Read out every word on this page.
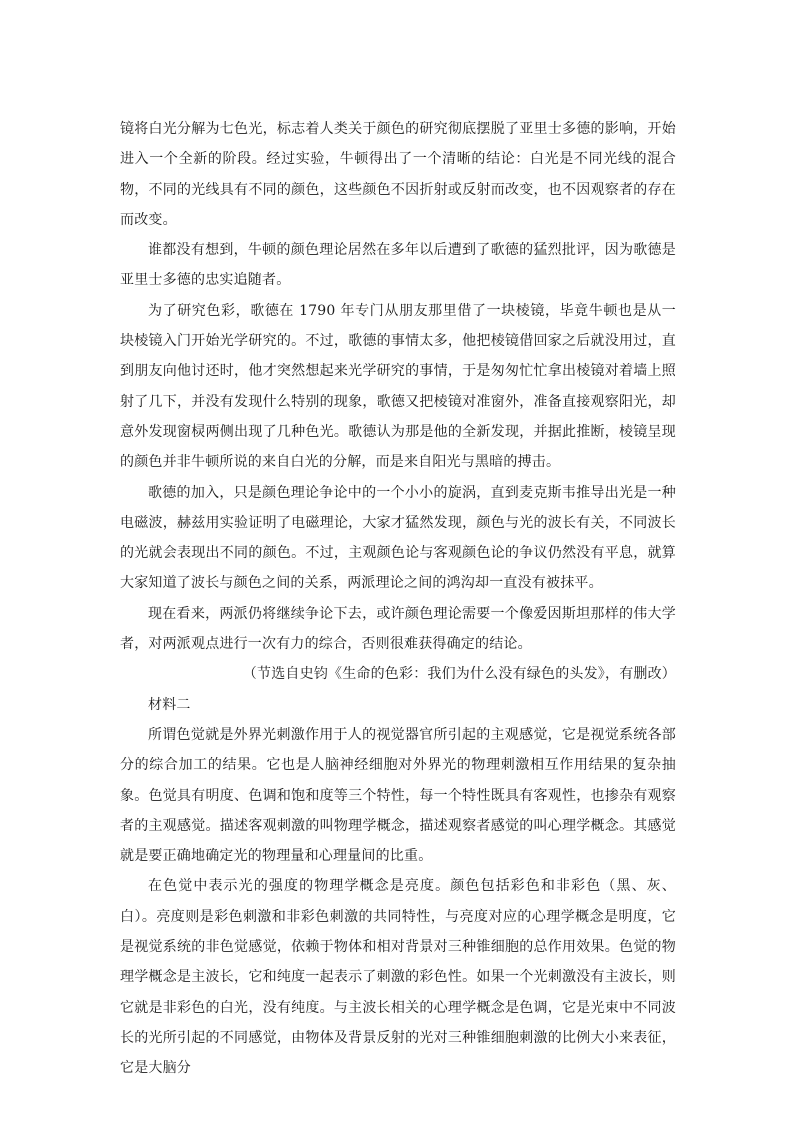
镜将白光分解为七色光，标志着人类关于颜色的研究彻底摆脱了亚里士多德的影响，开始进入一个全新的阶段。经过实验，牛顿得出了一个清晰的结论：白光是不同光线的混合物，不同的光线具有不同的颜色，这些颜色不因折射或反射而改变，也不因观察者的存在而改变。

谁都没有想到，牛顿的颜色理论居然在多年以后遭到了歌德的猛烈批评，因为歌德是亚里士多德的忠实追随者。

为了研究色彩，歌德在 1790 年专门从朋友那里借了一块棱镜，毕竟牛顿也是从一块棱镜入门开始光学研究的。不过，歌德的事情太多，他把棱镜借回家之后就没用过，直到朋友向他讨还时，他才突然想起来光学研究的事情，于是匆匆忙忙拿出棱镜对着墙上照射了几下，并没有发现什么特别的现象，歌德又把棱镜对准窗外，准备直接观察阳光，却意外发现窗棂两侧出现了几种色光。歌德认为那是他的全新发现，并据此推断，棱镜呈现的颜色并非牛顿所说的来自白光的分解，而是来自阳光与黑暗的搏击。

歌德的加入，只是颜色理论争论中的一个小小的旋涡，直到麦克斯韦推导出光是一种电磁波，赫兹用实验证明了电磁理论，大家才猛然发现，颜色与光的波长有关，不同波长的光就会表现出不同的颜色。不过，主观颜色论与客观颜色论的争议仍然没有平息，就算大家知道了波长与颜色之间的关系，两派理论之间的鸿沟却一直没有被抹平。

现在看来，两派仍将继续争论下去，或许颜色理论需要一个像爱因斯坦那样的伟大学者，对两派观点进行一次有力的综合，否则很难获得确定的结论。

（节选自史钧《生命的色彩：我们为什么没有绿色的头发》，有删改）

材料二

所谓色觉就是外界光刺激作用于人的视觉器官所引起的主观感觉，它是视觉系统各部分的综合加工的结果。它也是人脑神经细胞对外界光的物理刺激相互作用结果的复杂抽象。色觉具有明度、色调和饱和度等三个特性，每一个特性既具有客观性，也掺杂有观察者的主观感觉。描述客观刺激的叫物理学概念，描述观察者感觉的叫心理学概念。其感觉就是要正确地确定光的物理量和心理量间的比重。

在色觉中表示光的强度的物理学概念是亮度。颜色包括彩色和非彩色（黑、灰、白）。亮度则是彩色刺激和非彩色刺激的共同特性，与亮度对应的心理学概念是明度，它是视觉系统的非色觉感觉，依赖于物体和相对背景对三种锥细胞的总作用效果。色觉的物理学概念是主波长，它和纯度一起表示了刺激的彩色性。如果一个光刺激没有主波长，则它就是非彩色的白光，没有纯度。与主波长相关的心理学概念是色调，它是光束中不同波长的光所引起的不同感觉，由物体及背景反射的光对三种锥细胞刺激的比例大小来表征，它是大脑分
